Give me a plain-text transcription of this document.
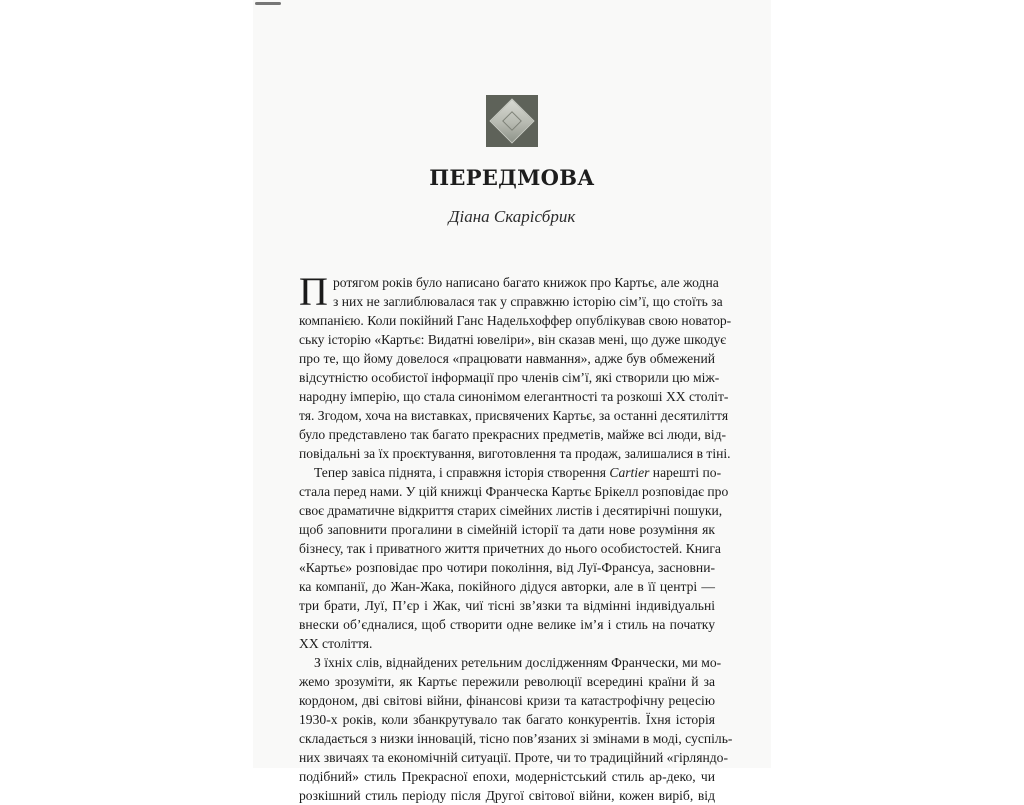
ПЕРЕДМОВА
Діана Скарісбрик
П ротягом років було написано багато книжок про Картьє, але жодна
з них не заглиблювалася так у справжню історію сім’ї, що стоїть за
компанією. Коли покійний Ганс Надельхоффер опублікував свою новатор-
ську історію «Картьє: Видатні ювеліри», він сказав мені, що дуже шкодує
про те, що йому довелося «працювати навмання», адже був обмежений
відсутністю особистої інформації про членів сім’ї, які створили цю між-
народну імперію, що стала синонімом елегантності та розкоші XX століт-
тя. Згодом, хоча на виставках, присвячених Картьє, за останні десятиліття
було представлено так багато прекрасних предметів, майже всі люди, від-
повідальні за їх проєктування, виготовлення та продаж, залишалися в тіні.
Тепер завіса піднята, і справжня історія створення Cartier нарешті по-
стала перед нами. У цій книжці Франческа Картьє Брікелл розповідає про
своє драматичне відкриття старих сімейних листів і десятирічні пошуки,
щоб заповнити прогалини в сімейній історії та дати нове розуміння як
бізнесу, так і приватного життя причетних до нього особистостей. Книга
«Картьє» розповідає про чотири покоління, від Луї-Франсуа, засновни-
ка компанії, до Жан-Жака, покійного дідуся авторки, але в її центрі —
три брати, Луї, П’єр і Жак, чиї тісні зв’язки та відмінні індивідуальні
внески об’єдналися, щоб створити одне велике ім’я і стиль на початку
XX століття.
З їхніх слів, віднайдених ретельним дослідженням Франчески, ми мо-
жемо зрозуміти, як Картьє пережили революції всередині країни й за
кордоном, дві світові війни, фінансові кризи та катастрофічну рецесію
1930-х років, коли збанкрутувало так багато конкурентів. Їхня історія
складається з низки інновацій, тісно пов’язаних зі змінами в моді, суспіль-
них звичаях та економічній ситуації. Проте, чи то традиційний «гірляндо-
подібний» стиль Прекрасної епохи, модерністський стиль ар-деко, чи
розкішний стиль періоду після Другої світової війни, кожен виріб, від
